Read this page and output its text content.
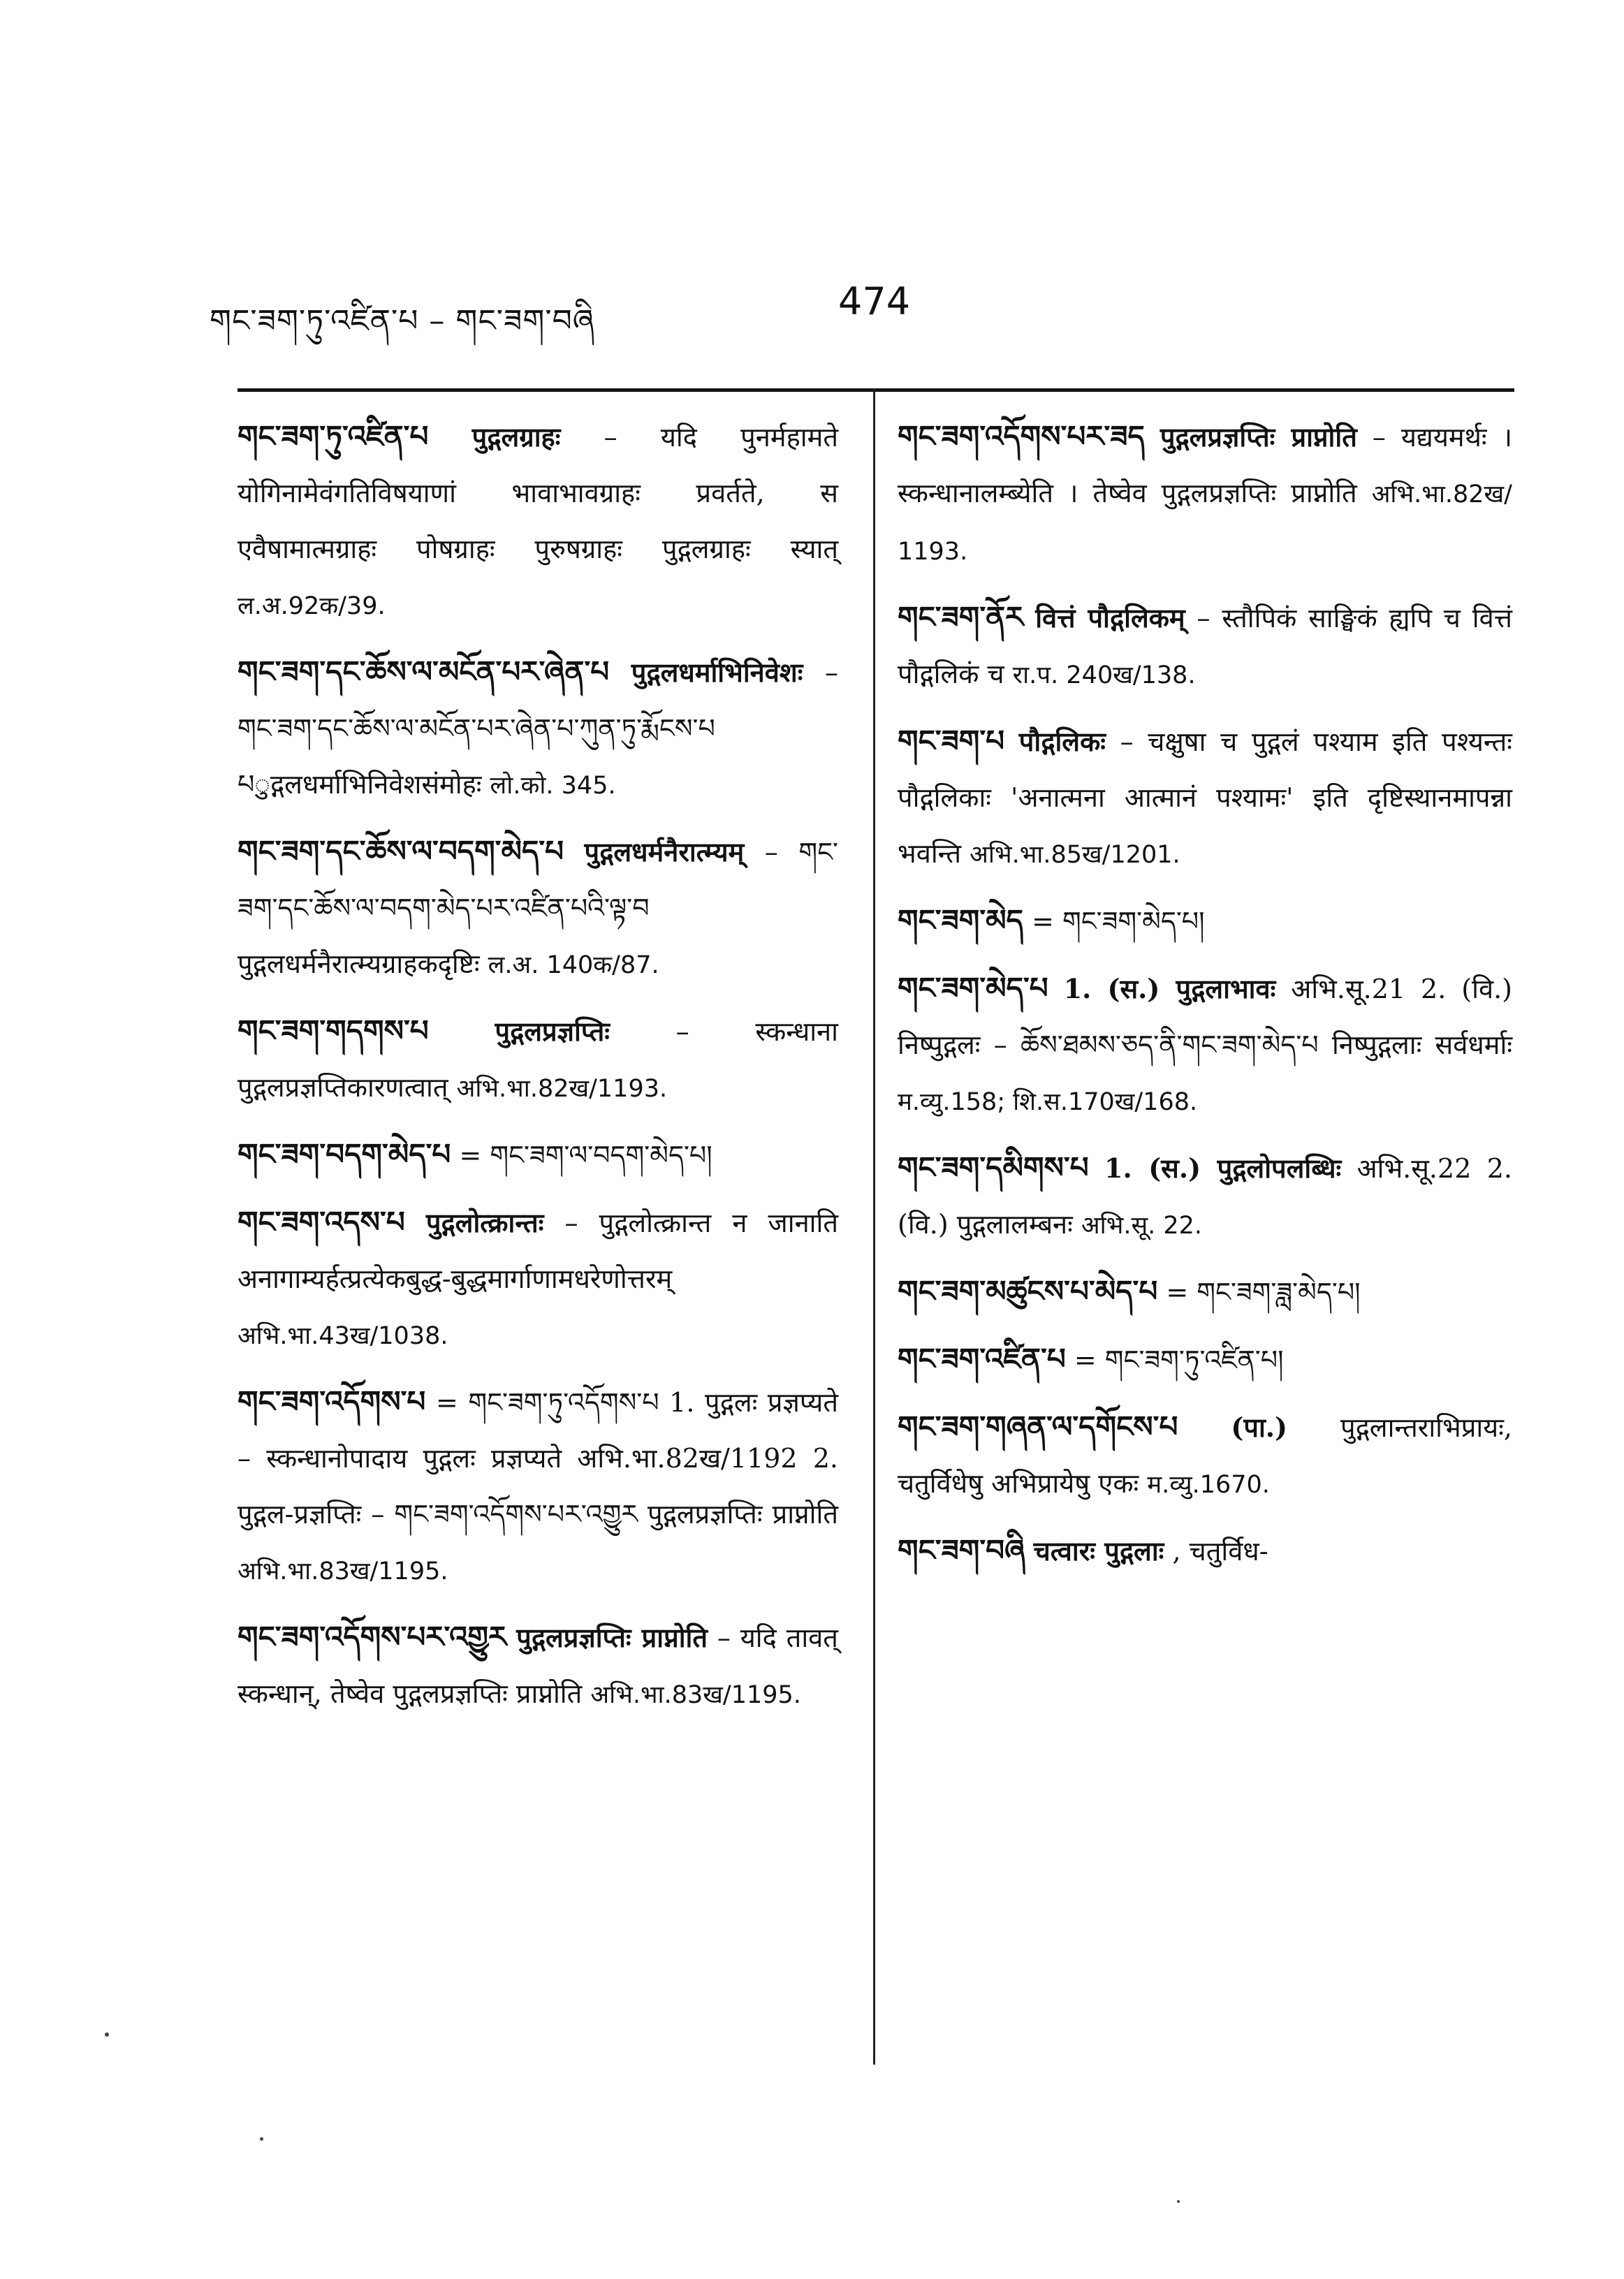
གང་ཟག་ཏུ་འཛིན་པ – གང་ཟག་བཞི	474
གང་ཟག་ཏུ་འཛིན་པ पुद्गलग्राहः – यदि पुनर्महामते योगिनामेवंगतिविषयाणां भावाभावग्राहः प्रवर्तते, स एवैषामात्मग्राहः पोषग्राहः पुरुषग्राहः पुद्गलग्राहः स्यात् ल.अ.92क/39.
གང་ཟག་དང་ཆོས་ལ་མངོན་པར་ཞེན་པ पुद्गलधर्माभिनिवेशः – གང་ཟག་དང་ཆོས་ལ་མངོན་པར་ཞེན་པ་ཀུན་ཏུ་རྨོངས་པ པुद्गलधर्माभिनिवेशसंमोहः लो.को. 345.
གང་ཟག་དང་ཆོས་ལ་བདག་མེད་པ पुद्गलधर्मनैरात्म्यम् – གང་ཟག་དང་ཆོས་ལ་བདག་མེད་པར་འཛིན་པའི་ལྟ་བ पुद्गलधर्मनैरात्म्यग्राहकदृष्टिः ल.अ. 140क/87.
གང་ཟག་གདགས་པ पुद्गलप्रज्ञप्तिः – स्कन्धाना पुद्गलप्रज्ञप्तिकारणत्वात् अभि.भा.82ख/1193.
གང་ཟག་བདག་མེད་པ = གང་ཟག་ལ་བདག་མེད་པ།
གང་ཟག་འདས་པ पुद्गलोत्क्रान्तः – पुद्गलोत्क्रान्त न जानाति अनागाम्यर्हत्प्रत्येकबुद्ध-बुद्धमार्गाणामधरेणोत्तरम् अभि.भा.43ख/1038.
གང་ཟག་འདོགས་པ = གང་ཟག་ཏུ་འདོགས་པ 1. पुद्गलः प्रज्ञप्यते – स्कन्धानोपादाय पुद्गलः प्रज्ञप्यते अभि.भा.82ख/1192 2. पुद्गल-प्रज्ञप्तिः – གང་ཟག་འདོགས་པར་འགྱུར पुद्गलप्रज्ञप्तिः प्राप्नोति अभि.भा.83ख/1195.
གང་ཟག་འདོགས་པར་འགྱུར पुद्गलप्रज्ञप्तिः प्राप्नोति – यदि तावत् स्कन्धान्, तेष्वेव पुद्गलप्रज्ञप्तिः प्राप्नोति अभि.भा.83ख/1195.
གང་ཟག་འདོགས་པར་ཟད पुद्गलप्रज्ञप्तिः प्राप्नोति – यद्ययमर्थः । स्कन्धानालम्ब्येति । तेष्वेव पुद्गलप्रज्ञप्तिः प्राप्नोति अभि.भा.82ख/ 1193.
གང་ཟག་ནོར वित्तं पौद्गलिकम् – स्तौपिकं साङ्घिकं ह्यपि च वित्तं पौद्गलिकं च रा.प. 240ख/138.
གང་ཟག་པ पौद्गलिकः – चक्षुषा च पुद्गलं पश्याम इति पश्यन्तः पौद्गलिकाः 'अनात्मना आत्मानं पश्यामः' इति दृष्टिस्थानमापन्ना भवन्ति अभि.भा.85ख/1201.
གང་ཟག་མེད = གང་ཟག་མེད་པ།
གང་ཟག་མེད་པ 1. (स.) पुद्गलाभावः अभि.सू.21 2. (वि.) निष्पुद्गलः – ཆོས་ཐམས་ཅད་ནི་གང་ཟག་མེད་པ निष्पुद्गलाः सर्वधर्माः म.व्यु.158; शि.स.170ख/168.
གང་ཟག་དམིགས་པ 1. (स.) पुद्गलोपलब्धिः अभि.सू.22 2. (वि.) पुद्गलालम्बनः अभि.सू. 22.
གང་ཟག་མཚུངས་པ་མེད་པ = གང་ཟག་ཟླ་མེད་པ།
གང་ཟག་འཛིན་པ = གང་ཟག་ཏུ་འཛིན་པ།
གང་ཟག་གཞན་ལ་དགོངས་པ (पा.) पुद्गलान्तराभिप्रायः, चतुर्विधेषु अभिप्रायेषु एकः म.व्यु.1670.
གང་ཟག་བཞི चत्वारः पुद्गलाः , चतुर्विध-
